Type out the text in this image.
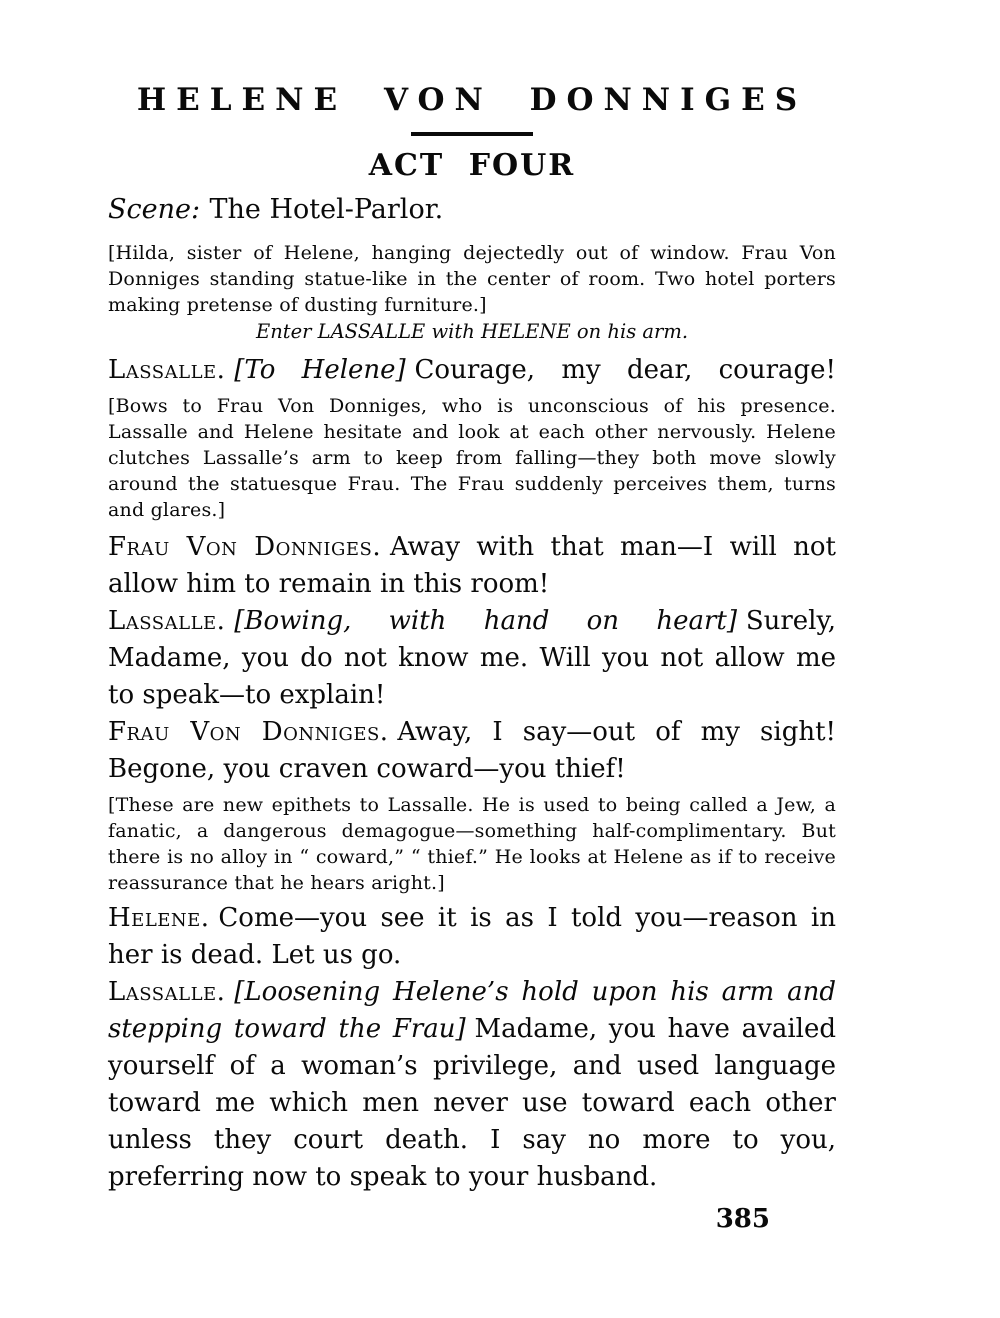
HELENE VON DONNIGES
ACT FOUR

Scene: The Hotel-Parlor.

[Hilda, sister of Helene, hanging dejectedly out of window. Frau Von Donniges standing statue-like in the center of room. Two hotel porters making pretense of dusting furniture.]

Enter LASSALLE with HELENE on his arm.

Lassalle. [To Helene] Courage, my dear, courage!

[Bows to Frau Von Donniges, who is unconscious of his presence. Lassalle and Helene hesitate and look at each other nervously. Helene clutches Lassalle’s arm to keep from falling—they both move slowly around the statuesque Frau. The Frau suddenly perceives them, turns and glares.]

Frau Von Donniges. Away with that man—I will not allow him to remain in this room!

Lassalle. [Bowing, with hand on heart] Surely, Madame, you do not know me. Will you not allow me to speak—to explain!

Frau Von Donniges. Away, I say—out of my sight! Begone, you craven coward—you thief!

[These are new epithets to Lassalle. He is used to being called a Jew, a fanatic, a dangerous demagogue—something half-complimentary. But there is no alloy in “ coward,” “ thief.” He looks at Helene as if to receive reassurance that he hears aright.]

Helene. Come—you see it is as I told you—reason in her is dead. Let us go.

Lassalle. [Loosening Helene’s hold upon his arm and stepping toward the Frau] Madame, you have availed yourself of a woman’s privilege, and used language toward me which men never use toward each other unless they court death. I say no more to you, preferring now to speak to your husband.

385
